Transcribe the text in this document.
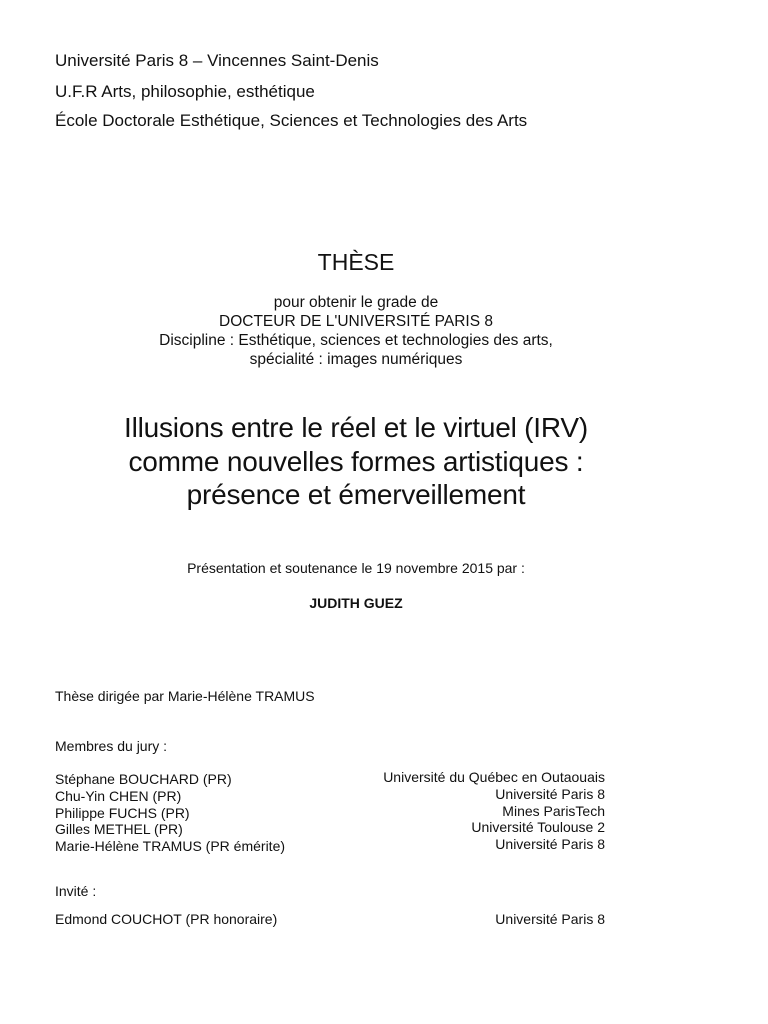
Université Paris 8 – Vincennes Saint-Denis
U.F.R Arts, philosophie, esthétique
École Doctorale Esthétique, Sciences et Technologies des Arts
THÈSE
pour obtenir le grade de
DOCTEUR DE L'UNIVERSITÉ PARIS 8
Discipline : Esthétique, sciences et technologies des arts,
spécialité : images numériques
Illusions entre le réel et le virtuel (IRV)
comme nouvelles formes artistiques :
présence et émerveillement
Présentation et soutenance le 19 novembre 2015 par :
JUDITH GUEZ
Thèse dirigée par Marie-Hélène TRAMUS
Membres du jury :
Stéphane BOUCHARD (PR)
Chu-Yin CHEN (PR)
Philippe FUCHS (PR)
Gilles METHEL (PR)
Marie-Hélène TRAMUS (PR émérite)
Université du Québec en Outaouais
Université Paris 8
Mines ParisTech
Université Toulouse 2
Université Paris 8
Invité :
Edmond COUCHOT (PR honoraire)	Université Paris 8
